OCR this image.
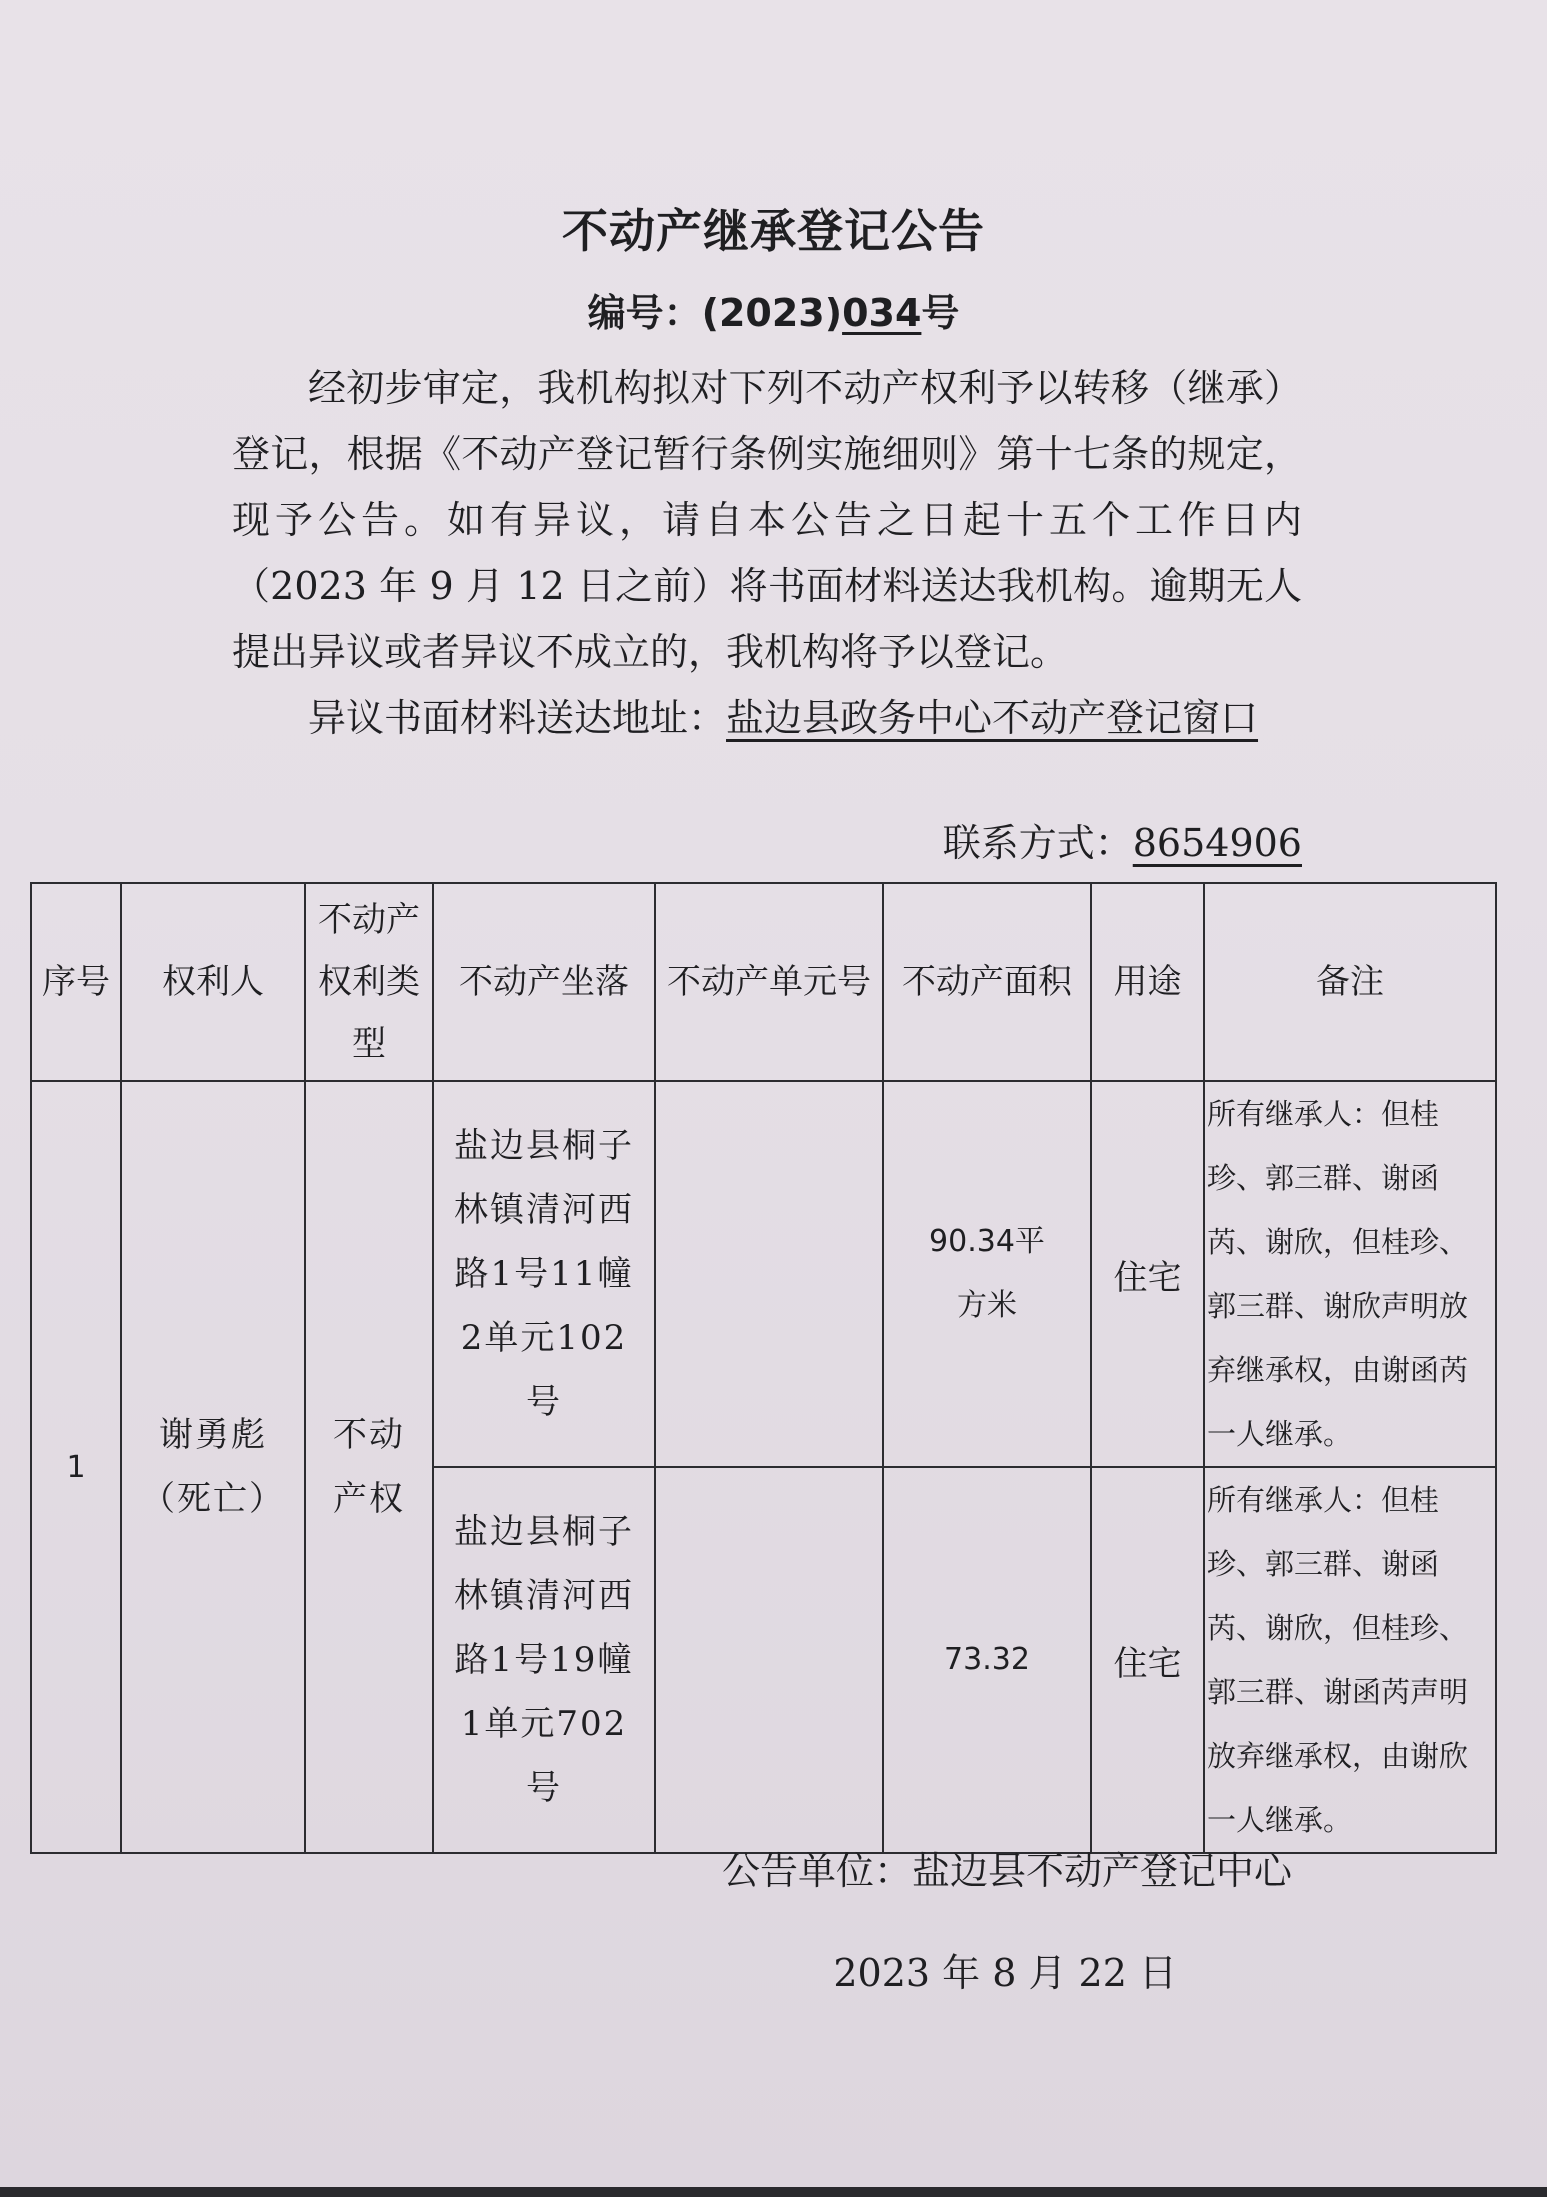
不动产继承登记公告
编号：(2023)034号

经初步审定，我机构拟对下列不动产权利予以转移（继承）登记，根据《不动产登记暂行条例实施细则》第十七条的规定，现予公告。如有异议，请自本公告之日起十五个工作日内（2023 年 9 月 12 日之前）将书面材料送达我机构。逾期无人提出异议或者异议不成立的，我机构将予以登记。

异议书面材料送达地址：盐边县政务中心不动产登记窗口

联系方式：8654906
序号	权利人	不动产权利类型	不动产坐落	不动产单元号	不动产面积	用途	备注
1	谢勇彪（死亡）	不动产权	盐边县桐子林镇清河西路1号11幢2单元102号		90.34平方米	住宅	所有继承人：但桂珍、郭三群、谢函芮、谢欣，但桂珍、郭三群、谢欣声明放弃继承权，由谢函芮一人继承。
			盐边县桐子林镇清河西路1号19幢1单元702号		73.32	住宅	所有继承人：但桂珍、郭三群、谢函芮、谢欣，但桂珍、郭三群、谢函芮声明放弃继承权，由谢欣一人继承。
公告单位：盐边县不动产登记中心
2023 年 8 月 22 日
